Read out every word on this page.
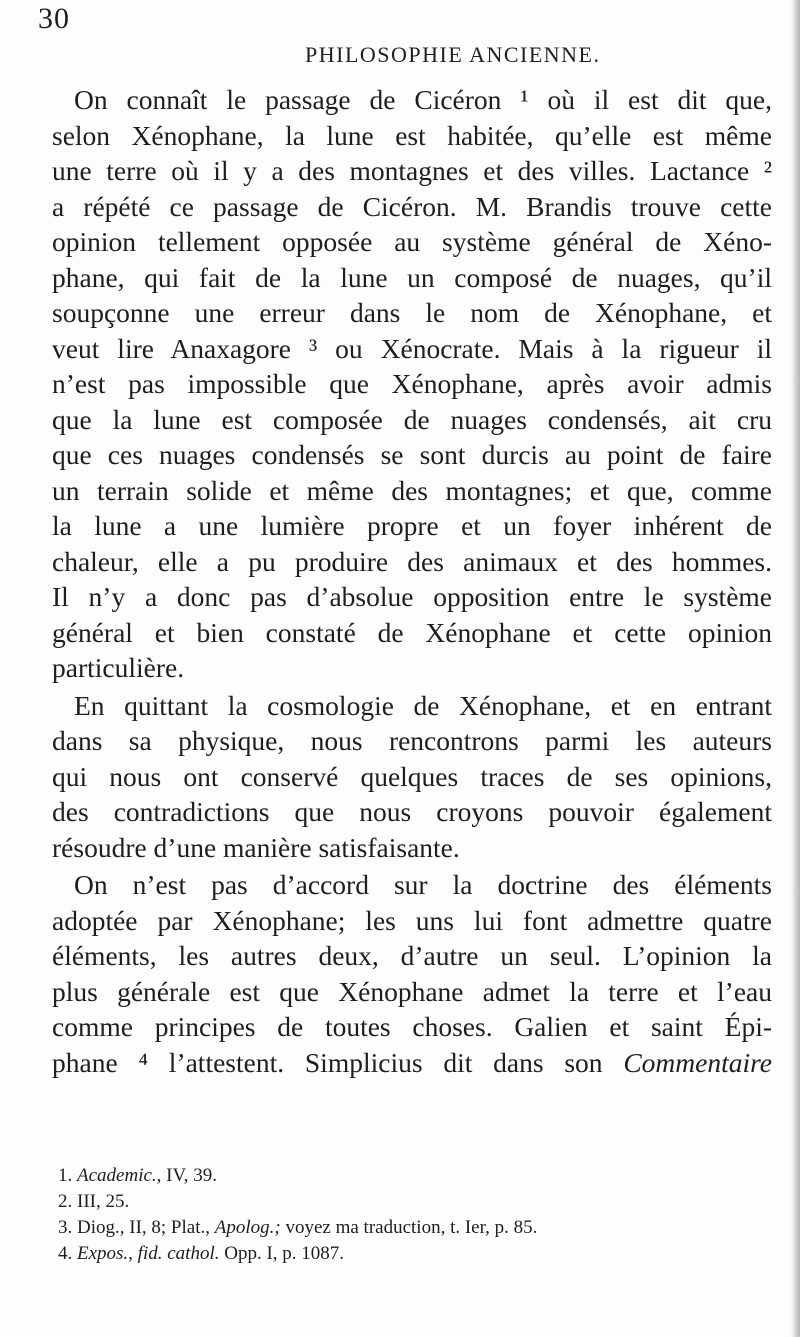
30
PHILOSOPHIE ANCIENNE.
On connaît le passage de Cicéron ¹ où il est dit que,
selon Xénophane, la lune est habitée, qu’elle est même
une terre où il y a des montagnes et des villes. Lactance ²
a répété ce passage de Cicéron. M. Brandis trouve cette
opinion tellement opposée au système général de Xéno-
phane, qui fait de la lune un composé de nuages, qu’il
soupçonne une erreur dans le nom de Xénophane, et
veut lire Anaxagore ³ ou Xénocrate. Mais à la rigueur il
n’est pas impossible que Xénophane, après avoir admis
que la lune est composée de nuages condensés, ait cru
que ces nuages condensés se sont durcis au point de faire
un terrain solide et même des montagnes; et que, comme
la lune a une lumière propre et un foyer inhérent de
chaleur, elle a pu produire des animaux et des hommes.
Il n’y a donc pas d’absolue opposition entre le système
général et bien constaté de Xénophane et cette opinion
particulière.
En quittant la cosmologie de Xénophane, et en entrant
dans sa physique, nous rencontrons parmi les auteurs
qui nous ont conservé quelques traces de ses opinions,
des contradictions que nous croyons pouvoir également
résoudre d’une manière satisfaisante.
On n’est pas d’accord sur la doctrine des éléments
adoptée par Xénophane; les uns lui font admettre quatre
éléments, les autres deux, d’autre un seul. L’opinion la
plus générale est que Xénophane admet la terre et l’eau
comme principes de toutes choses. Galien et saint Épi-
phane ⁴ l’attestent. Simplicius dit dans son Commentaire
1. Academic., IV, 39.
2. III, 25.
3. Diog., II, 8; Plat., Apolog.; voyez ma traduction, t. Ier, p. 85.
4. Expos., fid. cathol. Opp. I, p. 1087.
